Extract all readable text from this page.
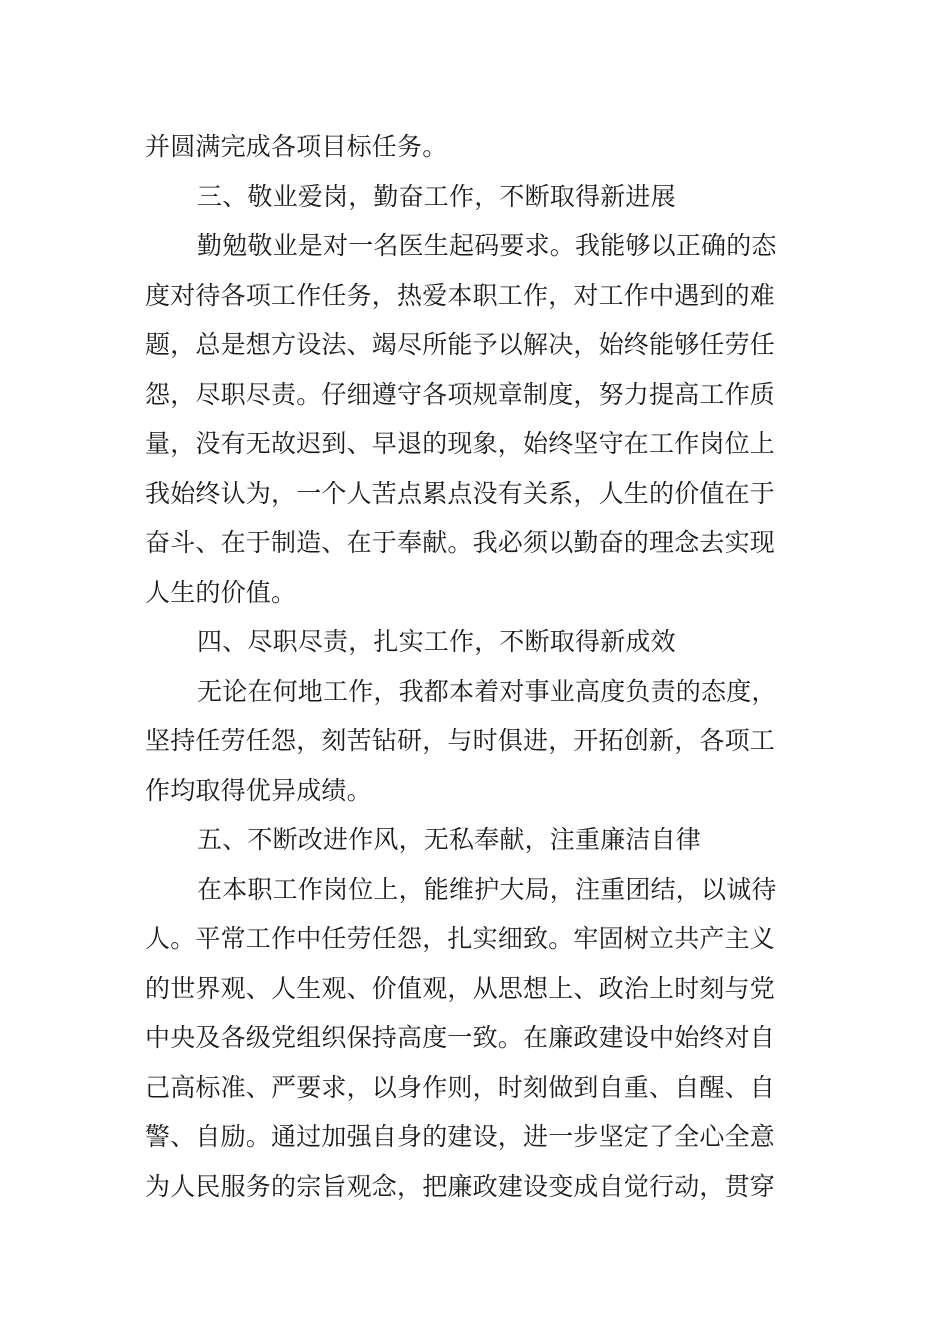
并圆满完成各项目标任务。
三、敬业爱岗，勤奋工作，不断取得新进展
勤勉敬业是对一名医生起码要求。我能够以正确的态
度对待各项工作任务，热爱本职工作，对工作中遇到的难
题，总是想方设法、竭尽所能予以解决，始终能够任劳任
怨，尽职尽责。仔细遵守各项规章制度，努力提高工作质
量，没有无故迟到、早退的现象，始终坚守在工作岗位上
我始终认为，一个人苦点累点没有关系，人生的价值在于
奋斗、在于制造、在于奉献。我必须以勤奋的理念去实现
人生的价值。
四、尽职尽责，扎实工作，不断取得新成效
无论在何地工作，我都本着对事业高度负责的态度，
坚持任劳任怨，刻苦钻研，与时俱进，开拓创新，各项工
作均取得优异成绩。
五、不断改进作风，无私奉献，注重廉洁自律
在本职工作岗位上，能维护大局，注重团结，以诚待
人。平常工作中任劳任怨，扎实细致。牢固树立共产主义
的世界观、人生观、价值观，从思想上、政治上时刻与党
中央及各级党组织保持高度一致。在廉政建设中始终对自
己高标准、严要求，以身作则，时刻做到自重、自醒、自
警、自励。通过加强自身的建设，进一步坚定了全心全意
为人民服务的宗旨观念，把廉政建设变成自觉行动，贯穿
